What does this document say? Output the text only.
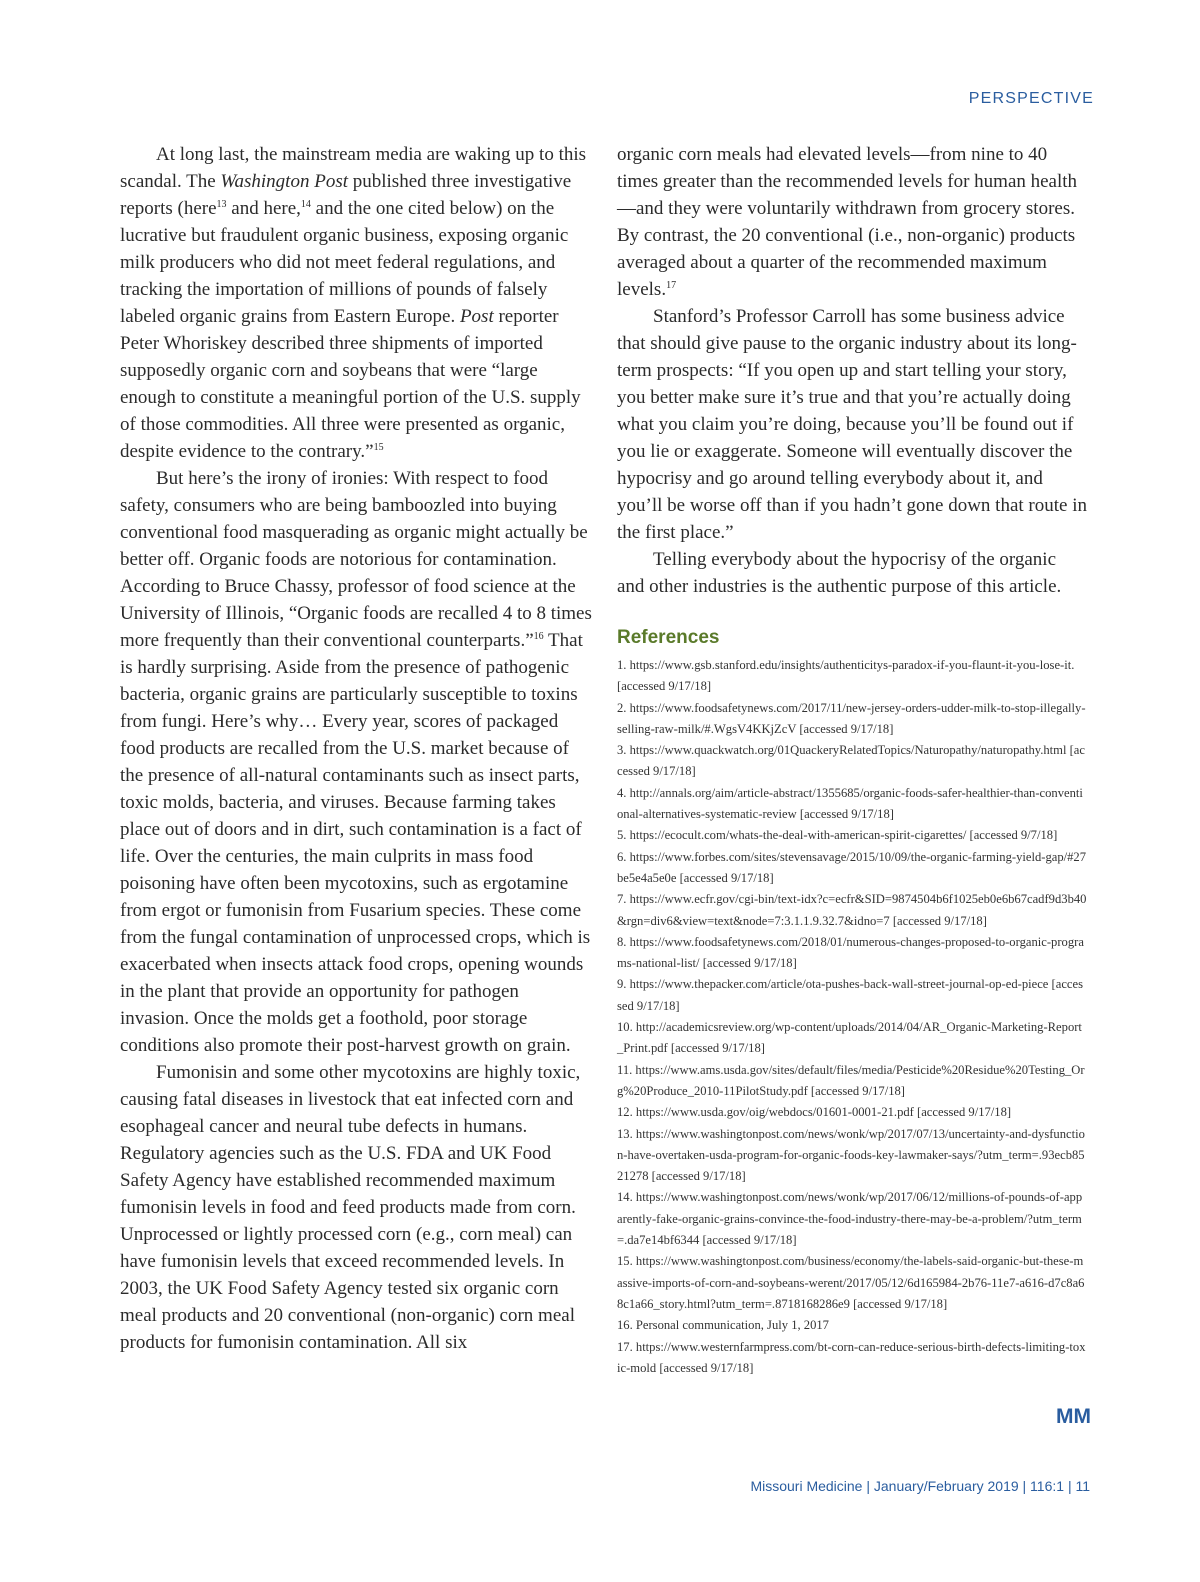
PERSPECTIVE

At long last, the mainstream media are waking up to this scandal. The Washington Post published three investigative reports (here$^{13}$ and here,$^{14}$ and the one cited below) on the lucrative but fraudulent organic business, exposing organic milk producers who did not meet federal regulations, and tracking the importation of millions of pounds of falsely labeled organic grains from Eastern Europe. Post reporter Peter Whoriskey described three shipments of imported supposedly organic corn and soybeans that were “large enough to constitute a meaningful portion of the U.S. supply of those commodities. All three were presented as organic, despite evidence to the contrary.”$^{15}$

But here’s the irony of ironies: With respect to food safety, consumers who are being bamboozled into buying conventional food masquerading as organic might actually be better off. Organic foods are notorious for contamination. According to Bruce Chassy, professor of food science at the University of Illinois, “Organic foods are recalled 4 to 8 times more frequently than their conventional counterparts.”$^{16}$ That is hardly surprising. Aside from the presence of pathogenic bacteria, organic grains are particularly susceptible to toxins from fungi. Here’s why… Every year, scores of packaged food products are recalled from the U.S. market because of the presence of all-natural contaminants such as insect parts, toxic molds, bacteria, and viruses. Because farming takes place out of doors and in dirt, such contamination is a fact of life. Over the centuries, the main culprits in mass food poisoning have often been mycotoxins, such as ergotamine from ergot or fumonisin from Fusarium species. These come from the fungal contamination of unprocessed crops, which is exacerbated when insects attack food crops, opening wounds in the plant that provide an opportunity for pathogen invasion. Once the molds get a foothold, poor storage conditions also promote their post-harvest growth on grain.

Fumonisin and some other mycotoxins are highly toxic, causing fatal diseases in livestock that eat infected corn and esophageal cancer and neural tube defects in humans. Regulatory agencies such as the U.S. FDA and UK Food Safety Agency have established recommended maximum fumonisin levels in food and feed products made from corn. Unprocessed or lightly processed corn (e.g., corn meal) can have fumonisin levels that exceed recommended levels. In 2003, the UK Food Safety Agency tested six organic corn meal products and 20 conventional (non-organic) corn meal products for fumonisin contamination. All six

organic corn meals had elevated levels—from nine to 40 times greater than the recommended levels for human health—and they were voluntarily withdrawn from grocery stores. By contrast, the 20 conventional (i.e., non-organic) products averaged about a quarter of the recommended maximum levels.$^{17}$

Stanford’s Professor Carroll has some business advice that should give pause to the organic industry about its long-term prospects: “If you open up and start telling your story, you better make sure it’s true and that you’re actually doing what you claim you’re doing, because you’ll be found out if you lie or exaggerate. Someone will eventually discover the hypocrisy and go around telling everybody about it, and you’ll be worse off than if you hadn’t gone down that route in the first place.”

Telling everybody about the hypocrisy of the organic and other industries is the authentic purpose of this article.

References
1. https://www.gsb.stanford.edu/insights/authenticitys-paradox-if-you-flaunt-it-you-lose-it. [accessed 9/17/18]
2. https://www.foodsafetynews.com/2017/11/new-jersey-orders-udder-milk-to-stop-illegally-selling-raw-milk/#.WgsV4KKjZcV [accessed 9/17/18]
3. https://www.quackwatch.org/01QuackeryRelatedTopics/Naturopathy/naturopathy.html [accessed 9/17/18]
4. http://annals.org/aim/article-abstract/1355685/organic-foods-safer-healthier-than-conventional-alternatives-systematic-review [accessed 9/17/18]
5. https://ecocult.com/whats-the-deal-with-american-spirit-cigarettes/ [accessed 9/7/18]
6. https://www.forbes.com/sites/stevensavage/2015/10/09/the-organic-farming-yield-gap/#27be5e4a5e0e [accessed 9/17/18]
7. https://www.ecfr.gov/cgi-bin/text-idx?c=ecfr&SID=9874504b6f1025eb0e6b67cadf9d3b40&rgn=div6&view=text&node=7:3.1.1.9.32.7&idno=7 [accessed 9/17/18]
8. https://www.foodsafetynews.com/2018/01/numerous-changes-proposed-to-organic-programs-national-list/ [accessed 9/17/18]
9. https://www.thepacker.com/article/ota-pushes-back-wall-street-journal-op-ed-piece [accessed 9/17/18]
10. http://academicsreview.org/wp-content/uploads/2014/04/AR_Organic-Marketing-Report_Print.pdf [accessed 9/17/18]
11. https://www.ams.usda.gov/sites/default/files/media/Pesticide%20Residue%20Testing_Org%20Produce_2010-11PilotStudy.pdf [accessed 9/17/18]
12. https://www.usda.gov/oig/webdocs/01601-0001-21.pdf [accessed 9/17/18]
13. https://www.washingtonpost.com/news/wonk/wp/2017/07/13/uncertainty-and-dysfunction-have-overtaken-usda-program-for-organic-foods-key-lawmaker-says/?utm_term=.93ecb8521278 [accessed 9/17/18]
14. https://www.washingtonpost.com/news/wonk/wp/2017/06/12/millions-of-pounds-of-apparently-fake-organic-grains-convince-the-food-industry-there-may-be-a-problem/?utm_term=.da7e14bf6344 [accessed 9/17/18]
15. https://www.washingtonpost.com/business/economy/the-labels-said-organic-but-these-massive-imports-of-corn-and-soybeans-werent/2017/05/12/6d165984-2b76-11e7-a616-d7c8a68c1a66_story.html?utm_term=.8718168286e9 [accessed 9/17/18]
16. Personal communication, July 1, 2017
17. https://www.westernfarmpress.com/bt-corn-can-reduce-serious-birth-defects-limiting-toxic-mold [accessed 9/17/18]
MM
Missouri Medicine | January/February 2019 | 116:1 | 11
